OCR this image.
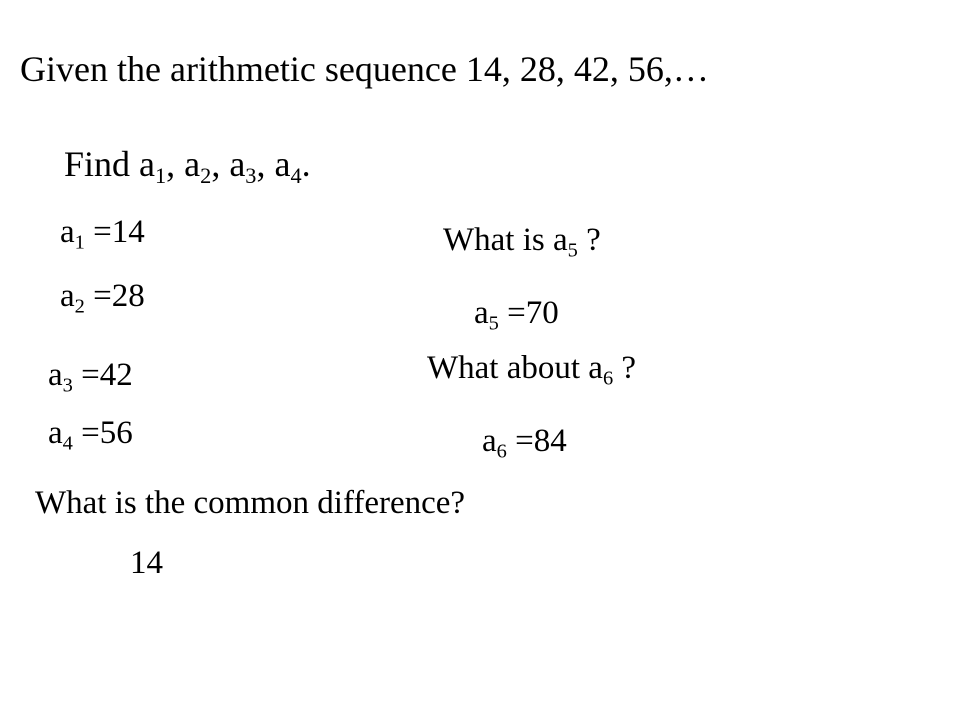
Given the arithmetic sequence 14, 28, 42, 56,…
Find $a_1$, $a_2$, $a_3$, $a_4$.
$a_1 =14$
$a_2 =28$
$a_3 =42$
$a_4 =56$
What is $a_5$ ?
$a_5 =70$
What about $a_6$ ?
$a_6 =84$
What is the common difference?
14
